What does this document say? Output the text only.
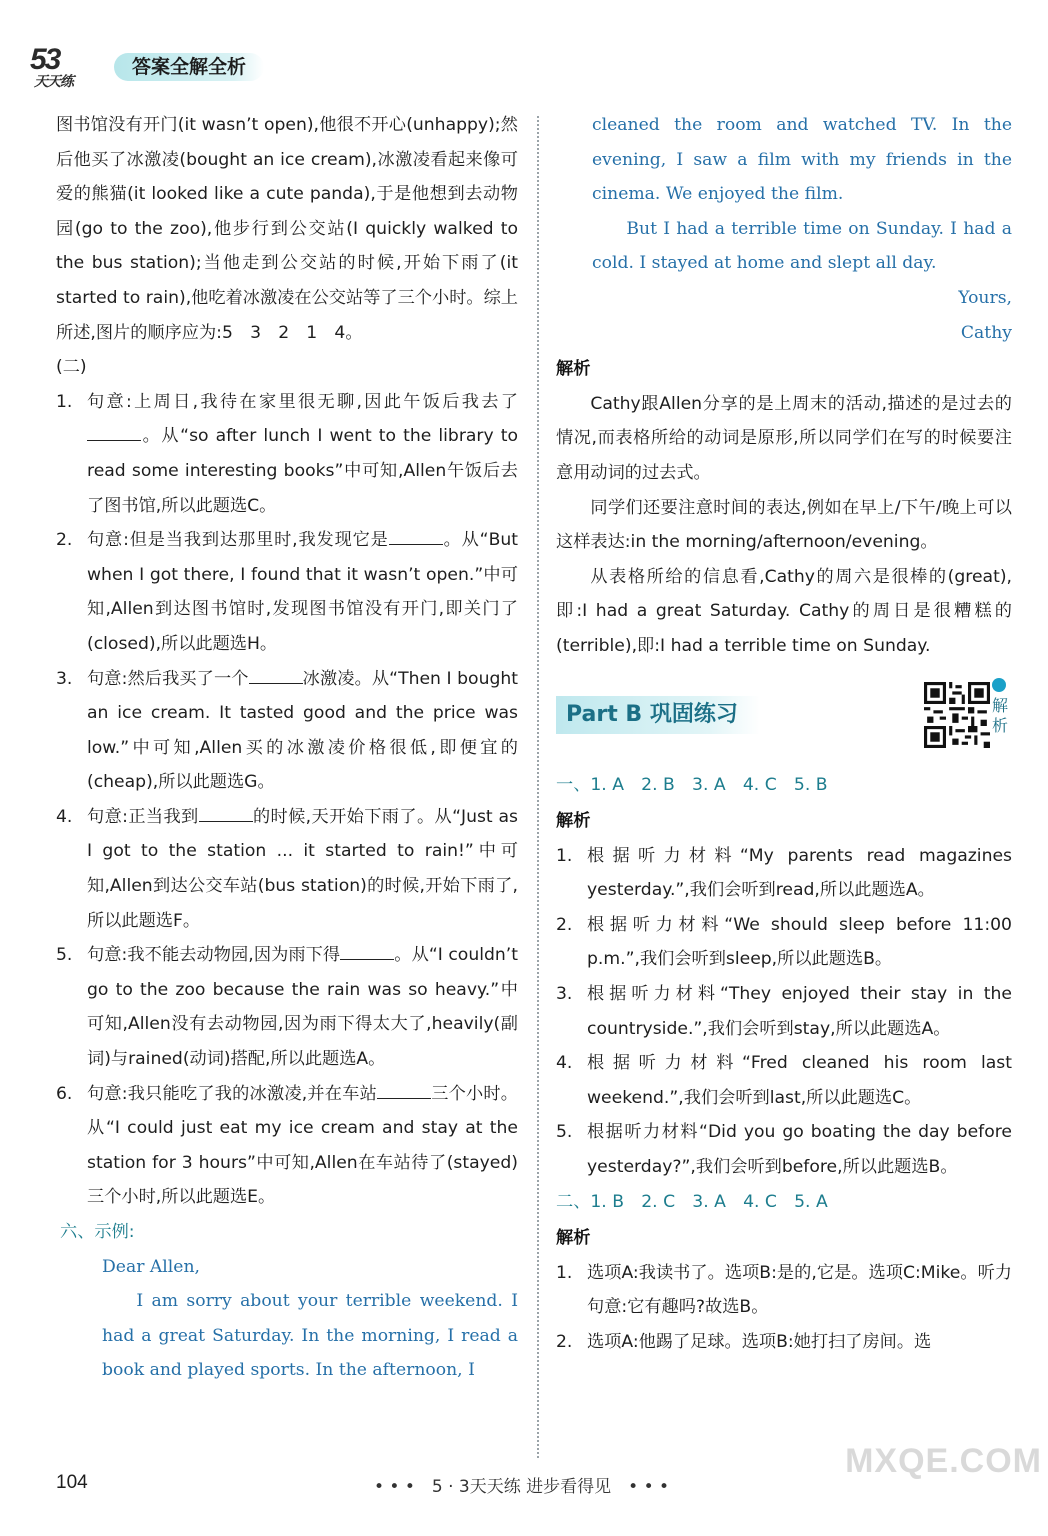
53
天天练
答案全解全析

图书馆没有开门(it wasn’t open),他很不开心(unhappy);然后他买了冰激凌(bought an ice cream),冰激凌看起来像可爱的熊猫(it looked like a cute panda),于是他想到去动物园(go to the zoo),他步行到公交站(I quickly walked to the bus station);当他走到公交站的时候,开始下雨了(it started to rain),他吃着冰激凌在公交站等了三个小时。综上所述,图片的顺序应为:5　3　2　1　4。

(二)

1. 句意:上周日,我待在家里很无聊,因此午饭后我去了。从“so after lunch I went to the library to read some interesting books”中可知,Allen午饭后去了图书馆,所以此题选C。
2. 句意:但是当我到达那里时,我发现它是	。从“But when I got there, I found that it wasn’t open.”中可知,Allen到达图书馆时,发现图书馆没有开门,即关门了(closed),所以此题选H。
3. 句意:然后我买了一个	冰激凌。从“Then I bought an ice cream. It tasted good and the price was low.”中可知,Allen买的冰激凌价格很低,即便宜的(cheap),所以此题选G。
4. 句意:正当我到	的时候,天开始下雨了。从“Just as I got to the station ... it started to rain!”中可知,Allen到达公交车站(bus station)的时候,开始下雨了,所以此题选F。
5. 句意:我不能去动物园,因为雨下得	。从“I couldn’t go to the zoo because the rain was so heavy.”中可知,Allen没有去动物园,因为雨下得太大了,heavily(副词)与rained(动词)搭配,所以此题选A。
6. 句意:我只能吃了我的冰激凌,并在车站	三个小时。从“I could just eat my ice cream and stay at the station for 3 hours”中可知,Allen在车站待了(stayed)三个小时,所以此题选E。

六、示例:

Dear Allen,

I am sorry about your terrible weekend. I had a great Saturday. In the morning, I read a book and played sports. In the afternoon, I

cleaned the room and watched TV. In the evening, I saw a film with my friends in the cinema. We enjoyed the film.

But I had a terrible time on Sunday. I had a cold. I stayed at home and slept all day.

Yours,

Cathy

解析

Cathy跟Allen分享的是上周末的活动,描述的是过去的情况,而表格所给的动词是原形,所以同学们在写的时候要注意用动词的过去式。

同学们还要注意时间的表达,例如在早上/下午/晚上可以这样表达:in the morning/afternoon/evening。

从表格所给的信息看,Cathy的周六是很棒的(great),即:I had a great Saturday. Cathy的周日是很糟糕的(terrible),即:I had a terrible time on Sunday.

Part B 巩固练习	解析

一、1. A　2. B　3. A　4. C　5. B

解析

1. 根据听力材料“My parents read magazines yesterday.”,我们会听到read,所以此题选A。
2. 根据听力材料“We should sleep before 11:00 p.m.”,我们会听到sleep,所以此题选B。
3. 根据听力材料“They enjoyed their stay in the countryside.”,我们会听到stay,所以此题选A。
4. 根据听力材料“Fred cleaned his room last weekend.”,我们会听到last,所以此题选C。
5. 根据听力材料“Did you go boating the day before yesterday?”,我们会听到before,所以此题选B。

二、1. B　2. C　3. A　4. C　5. A

解析

1. 选项A:我读书了。选项B:是的,它是。选项C:Mike。听力句意:它有趣吗?故选B。
2. 选项A:他踢了足球。选项B:她打扫了房间。选
MXQE.COM
104	• • •　5 · 3天天练 进步看得见　• • •
